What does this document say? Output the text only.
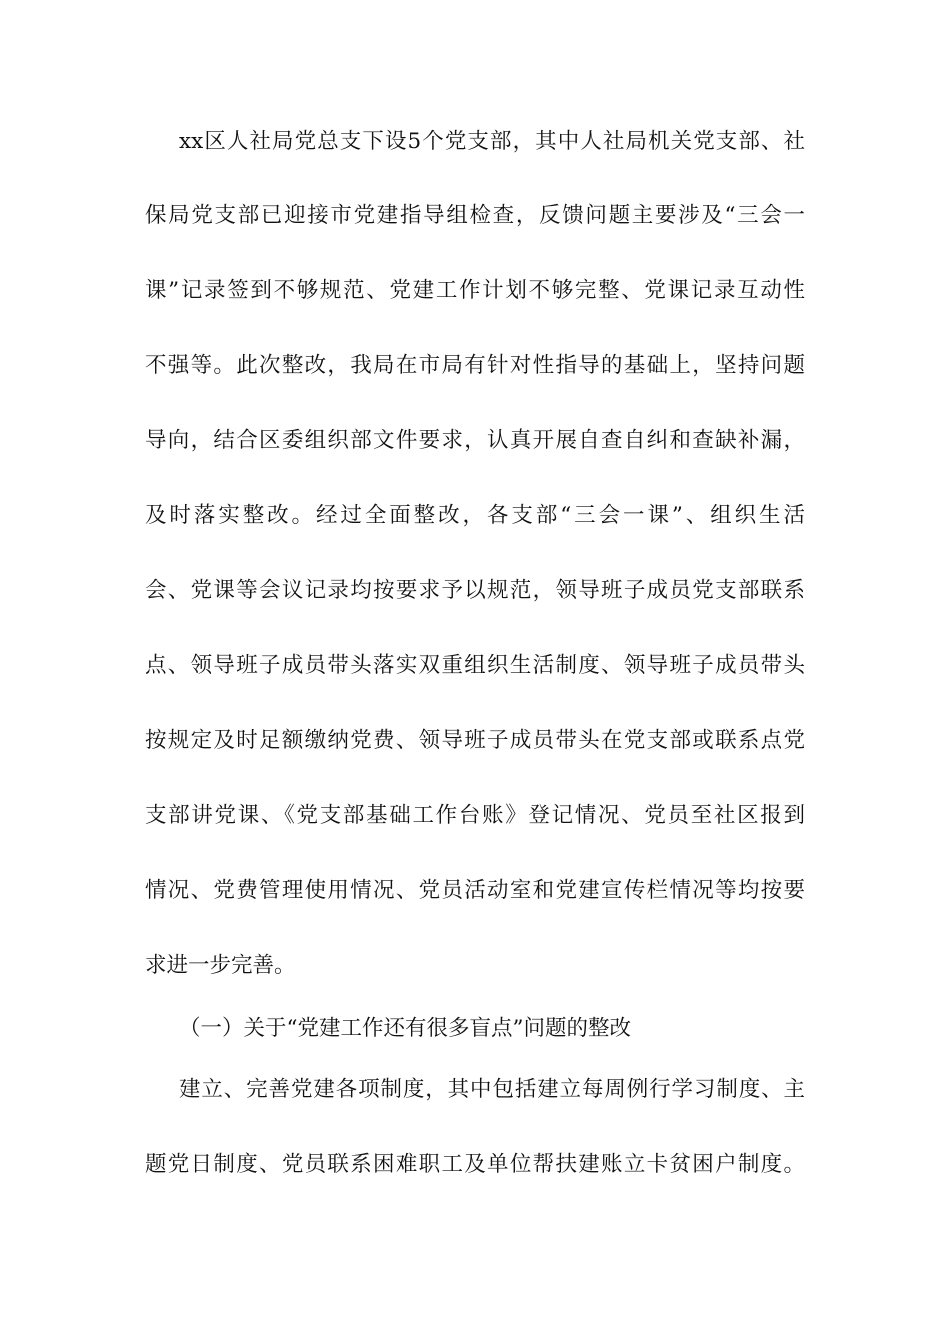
xx区人社局党总支下设5个党支部，其中人社局机关党支部、社
保局党支部已迎接市党建指导组检查，反馈问题主要涉及“三会一
课”记录签到不够规范、党建工作计划不够完整、党课记录互动性
不强等。此次整改，我局在市局有针对性指导的基础上，坚持问题
导向，结合区委组织部文件要求，认真开展自查自纠和查缺补漏，
及时落实整改。经过全面整改，各支部“三会一课”、组织生活
会、党课等会议记录均按要求予以规范，领导班子成员党支部联系
点、领导班子成员带头落实双重组织生活制度、领导班子成员带头
按规定及时足额缴纳党费、领导班子成员带头在党支部或联系点党
支部讲党课、《党支部基础工作台账》登记情况、党员至社区报到
情况、党费管理使用情况、党员活动室和党建宣传栏情况等均按要
求进一步完善。
（一）关于“党建工作还有很多盲点”问题的整改
建立、完善党建各项制度，其中包括建立每周例行学习制度、主
题党日制度、党员联系困难职工及单位帮扶建账立卡贫困户制度。
